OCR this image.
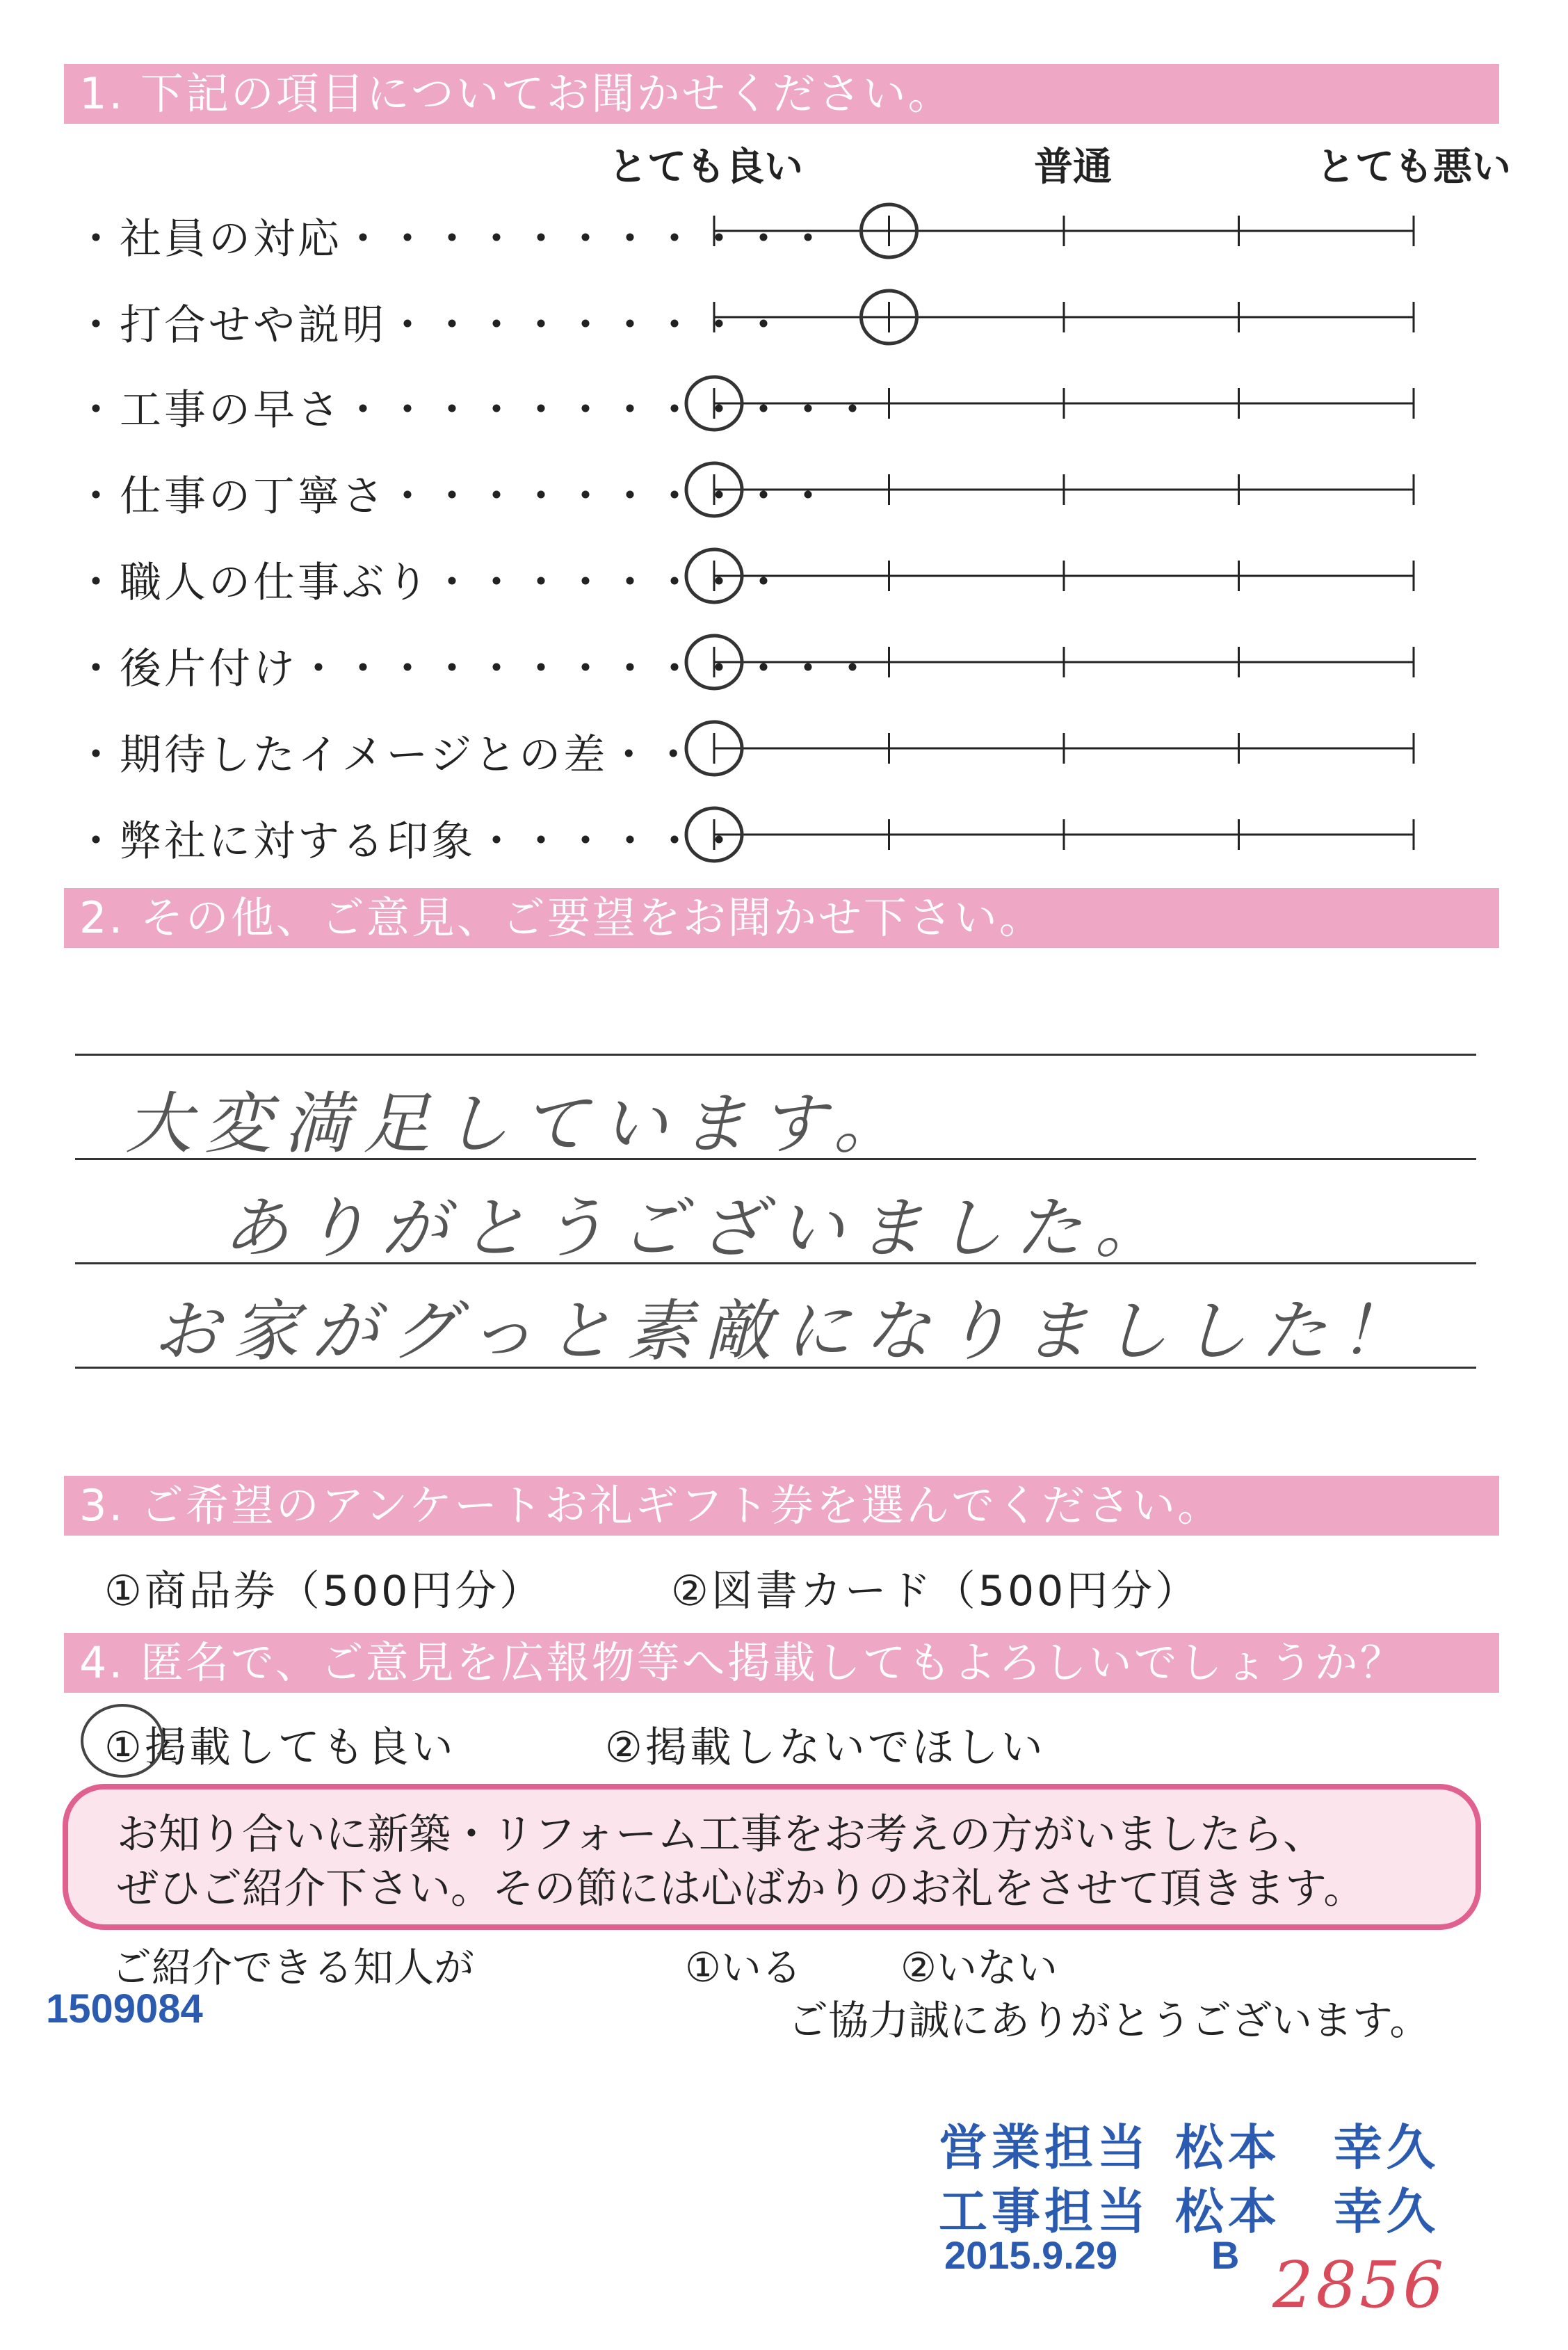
1. 下記の項目についてお聞かせください。
とても良い	普通	とても悪い
・社員の対応・・・・・・・・・・・
・打合せや説明・・・・・・・・・
・工事の早さ・・・・・・・・・・・・
・仕事の丁寧さ・・・・・・・・・・
・職人の仕事ぶり・・・・・・・・
・後片付け・・・・・・・・・・・・・
・期待したイメージとの差・・
・弊社に対する印象・・・・・・
2. その他、ご意見、ご要望をお聞かせ下さい。
大変満足しています。
ありがとうございました。
お家がグっと素敵になりましした！
3. ご希望のアンケートお礼ギフト券を選んでください。
①商品券（500円分）	②図書カード（500円分）
4. 匿名で、ご意見を広報物等へ掲載してもよろしいでしょうか？
①掲載しても良い	②掲載しないでほしい
お知り合いに新築・リフォーム工事をお考えの方がいましたら、
ぜひご紹介下さい。その節には心ばかりのお礼をさせて頂きます。
ご紹介できる知人が	①いる ②いない
1509084	ご協力誠にありがとうございます。
営業担当 松本　幸久
工事担当 松本　幸久
2015.9.29 B 2856
